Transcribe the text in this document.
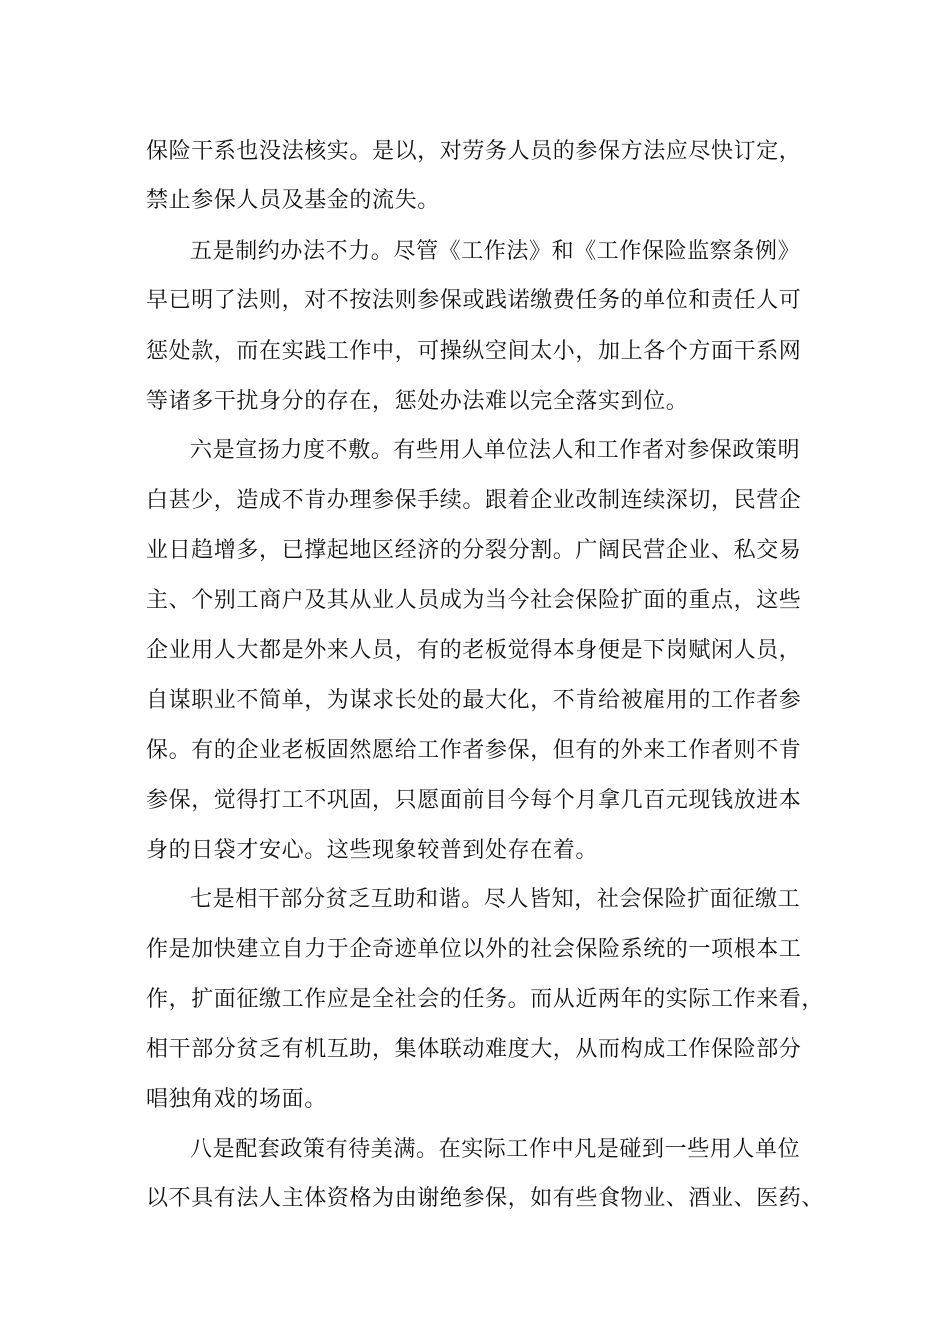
保险干系也没法核实。是以，对劳务人员的参保方法应尽快订定，
禁止参保人员及基金的流失。
五是制约办法不力。尽管《工作法》和《工作保险监察条例》
早已明了法则，对不按法则参保或践诺缴费任务的单位和责任人可
惩处款，而在实践工作中，可操纵空间太小，加上各个方面干系网
等诸多干扰身分的存在，惩处办法难以完全落实到位。
六是宣扬力度不敷。有些用人单位法人和工作者对参保政策明
白甚少，造成不肯办理参保手续。跟着企业改制连续深切，民营企
业日趋增多，已撑起地区经济的分裂分割。广阔民营企业、私交易
主、个别工商户及其从业人员成为当今社会保险扩面的重点，这些
企业用人大都是外来人员，有的老板觉得本身便是下岗赋闲人员，
自谋职业不简单，为谋求长处的最大化，不肯给被雇用的工作者参
保。有的企业老板固然愿给工作者参保，但有的外来工作者则不肯
参保，觉得打工不巩固，只愿面前目今每个月拿几百元现钱放进本
身的日袋才安心。这些现象较普到处存在着。
七是相干部分贫乏互助和谐。尽人皆知，社会保险扩面征缴工
作是加快建立自力于企奇迹单位以外的社会保险系统的一项根本工
作，扩面征缴工作应是全社会的任务。而从近两年的实际工作来看，
相干部分贫乏有机互助，集体联动难度大，从而构成工作保险部分
唱独角戏的场面。
八是配套政策有待美满。在实际工作中凡是碰到一些用人单位
以不具有法人主体资格为由谢绝参保，如有些食物业、酒业、医药、
